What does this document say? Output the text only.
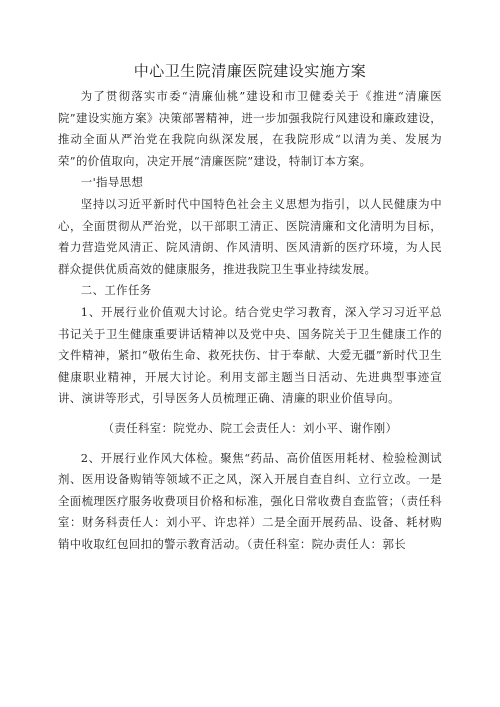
中心卫生院清廉医院建设实施方案

为了贯彻落实市委“清廉仙桃”建设和市卫健委关于《推进“清廉医院”建设实施方案》决策部署精神，进一步加强我院行风建设和廉政建设，推动全面从严治党在我院向纵深发展，在我院形成“以清为美、发展为荣”的价值取向，决定开展“清廉医院”建设，特制订本方案。

一'指导思想

坚持以习近平新时代中国特色社会主义思想为指引，以人民健康为中心，全面贯彻从严治党，以干部职工清正、医院清廉和文化清明为目标，着力营造党风清正、院风清朗、作风清明、医风清新的医疗环境，为人民群众提供优质高效的健康服务，推进我院卫生事业持续发展。

二、工作任务

1、开展行业价值观大讨论。结合党史学习教育，深入学习习近平总书记关于卫生健康重要讲话精神以及党中央、国务院关于卫生健康工作的文件精神，紧扣“敬佑生命、救死扶伤、甘于奉献、大爱无疆”新时代卫生健康职业精神，开展大讨论。利用支部主题当日活动、先进典型事迹宣讲、演讲等形式，引导医务人员梳理正确、清廉的职业价值导向。

（责任科室：院党办、院工会责任人：刘小平、谢作刚）

2、开展行业作风大体检。聚焦“药品、高价值医用耗材、检验检测试剂、医用设备购销等领域不正之风，深入开展自查自纠、立行立改。一是全面梳理医疗服务收费项目价格和标准，强化日常收费自查监管；（责任科室：财务科责任人：刘小平、许忠祥）二是全面开展药品、设备、耗材购销中收取红包回扣的警示教育活动。（责任科室：院办责任人：郭长
